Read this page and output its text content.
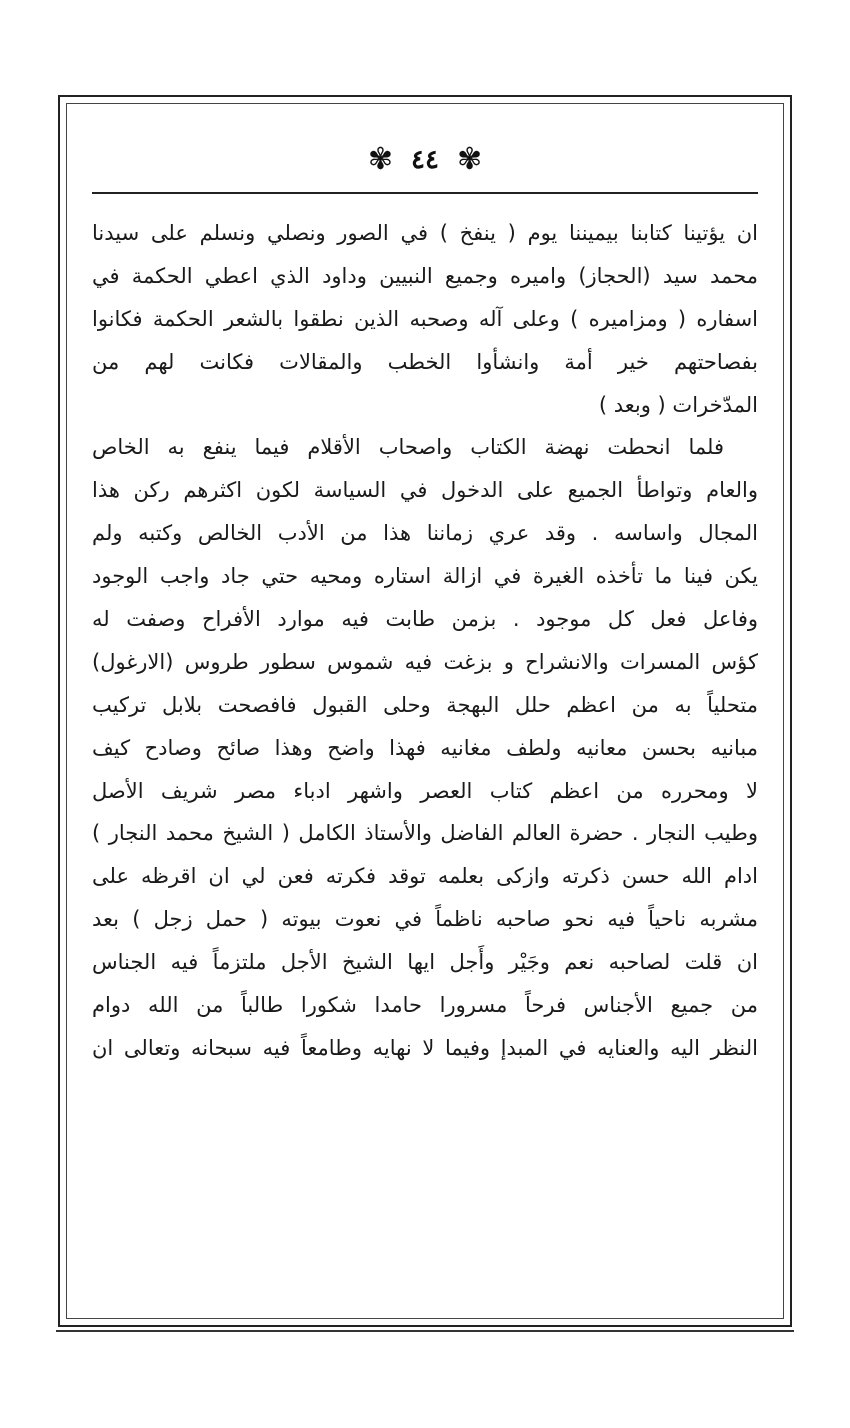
✾ ٤٤ ✾
ان يؤتينا كتابنا بيميننا يوم ( ينفخ ) في الصور ونصلي ونسلم على سيدنا
محمد سيد (الحجاز) واميره وجميع النبيين وداود الذي اعطي الحكمة في
اسفاره ( ومزاميره ) وعلى آله وصحبه الذين نطقوا بالشعر الحكمة فكانوا
بفصاحتهم خير أمة وانشأوا الخطب والمقالات فكانت لهم من
المدّخرات ( وبعد )
فلما انحطت نهضة الكتاب واصحاب الأقلام فيما ينفع به الخاص
والعام وتواطأ الجميع على الدخول في السياسة لكون اكثرهم ركن هذا
المجال واساسه . وقد عري زماننا هذا من الأدب الخالص وكتبه ولم
يكن فينا ما تأخذه الغيرة في ازالة استاره ومحيه حتي جاد واجب الوجود
وفاعل فعل كل موجود . بزمن طابت فيه موارد الأفراح وصفت له
كؤس المسرات والانشراح و بزغت فيه شموس سطور طروس (الارغول)
متحلياً به من اعظم حلل البهجة وحلى القبول فافصحت بلابل تركيب
مبانيه بحسن معانيه ولطف مغانيه فهذا واضح وهذا صائح وصادح كيف
لا ومحرره من اعظم كتاب العصر واشهر ادباء مصر شريف الأصل
وطيب النجار . حضرة العالم الفاضل والأستاذ الكامل ( الشيخ محمد النجار )
ادام الله حسن ذكرته وازكى بعلمه توقد فكرته فعن لي ان اقرظه على
مشربه ناحياً فيه نحو صاحبه ناظماً في نعوت بيوته ( حمل زجل ) بعد
ان قلت لصاحبه نعم وجَيْر وأَجل ايها الشيخ الأجل ملتزماً فيه الجناس
من جميع الأجناس فرحاً مسرورا حامدا شكورا طالباً من الله دوام
النظر اليه والعنايه في المبدإ وفيما لا نهايه وطامعاً فيه سبحانه وتعالى ان
